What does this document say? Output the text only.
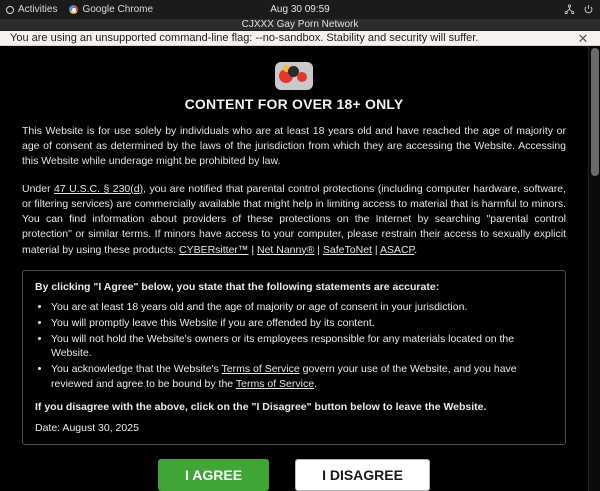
Activities	Google Chrome	Aug 30 09:59
CJXXX Gay Porn Network
You are using an unsupported command-line flag: --no-sandbox. Stability and security will suffer.	✕
CONTENT FOR OVER 18+ ONLY

This Website is for use solely by individuals who are at least 18 years old and have reached the age of majority or age of consent as determined by the laws of the jurisdiction from which they are accessing the Website. Accessing this Website while underage might be prohibited by law.

Under 47 U.S.C. § 230(d), you are notified that parental control protections (including computer hardware, software, or filtering services) are commercially available that might help in limiting access to material that is harmful to minors. You can find information about providers of these protections on the Internet by searching "parental control protection" or similar terms. If minors have access to your computer, please restrain their access to sexually explicit material by using these products: CYBERsitter™ | Net Nanny® | SafeToNet | ASACP.

By clicking "I Agree" below, you state that the following statements are accurate:

• You are at least 18 years old and the age of majority or age of consent in your jurisdiction.
• You will promptly leave this Website if you are offended by its content.
• You will not hold the Website's owners or its employees responsible for any materials located on the Website.
• You acknowledge that the Website's Terms of Service govern your use of the Website, and you have reviewed and agree to be bound by the Terms of Service.

If you disagree with the above, click on the "I Disagree" button below to leave the Website.

Date: August 30, 2025

I AGREE	I DISAGREE
